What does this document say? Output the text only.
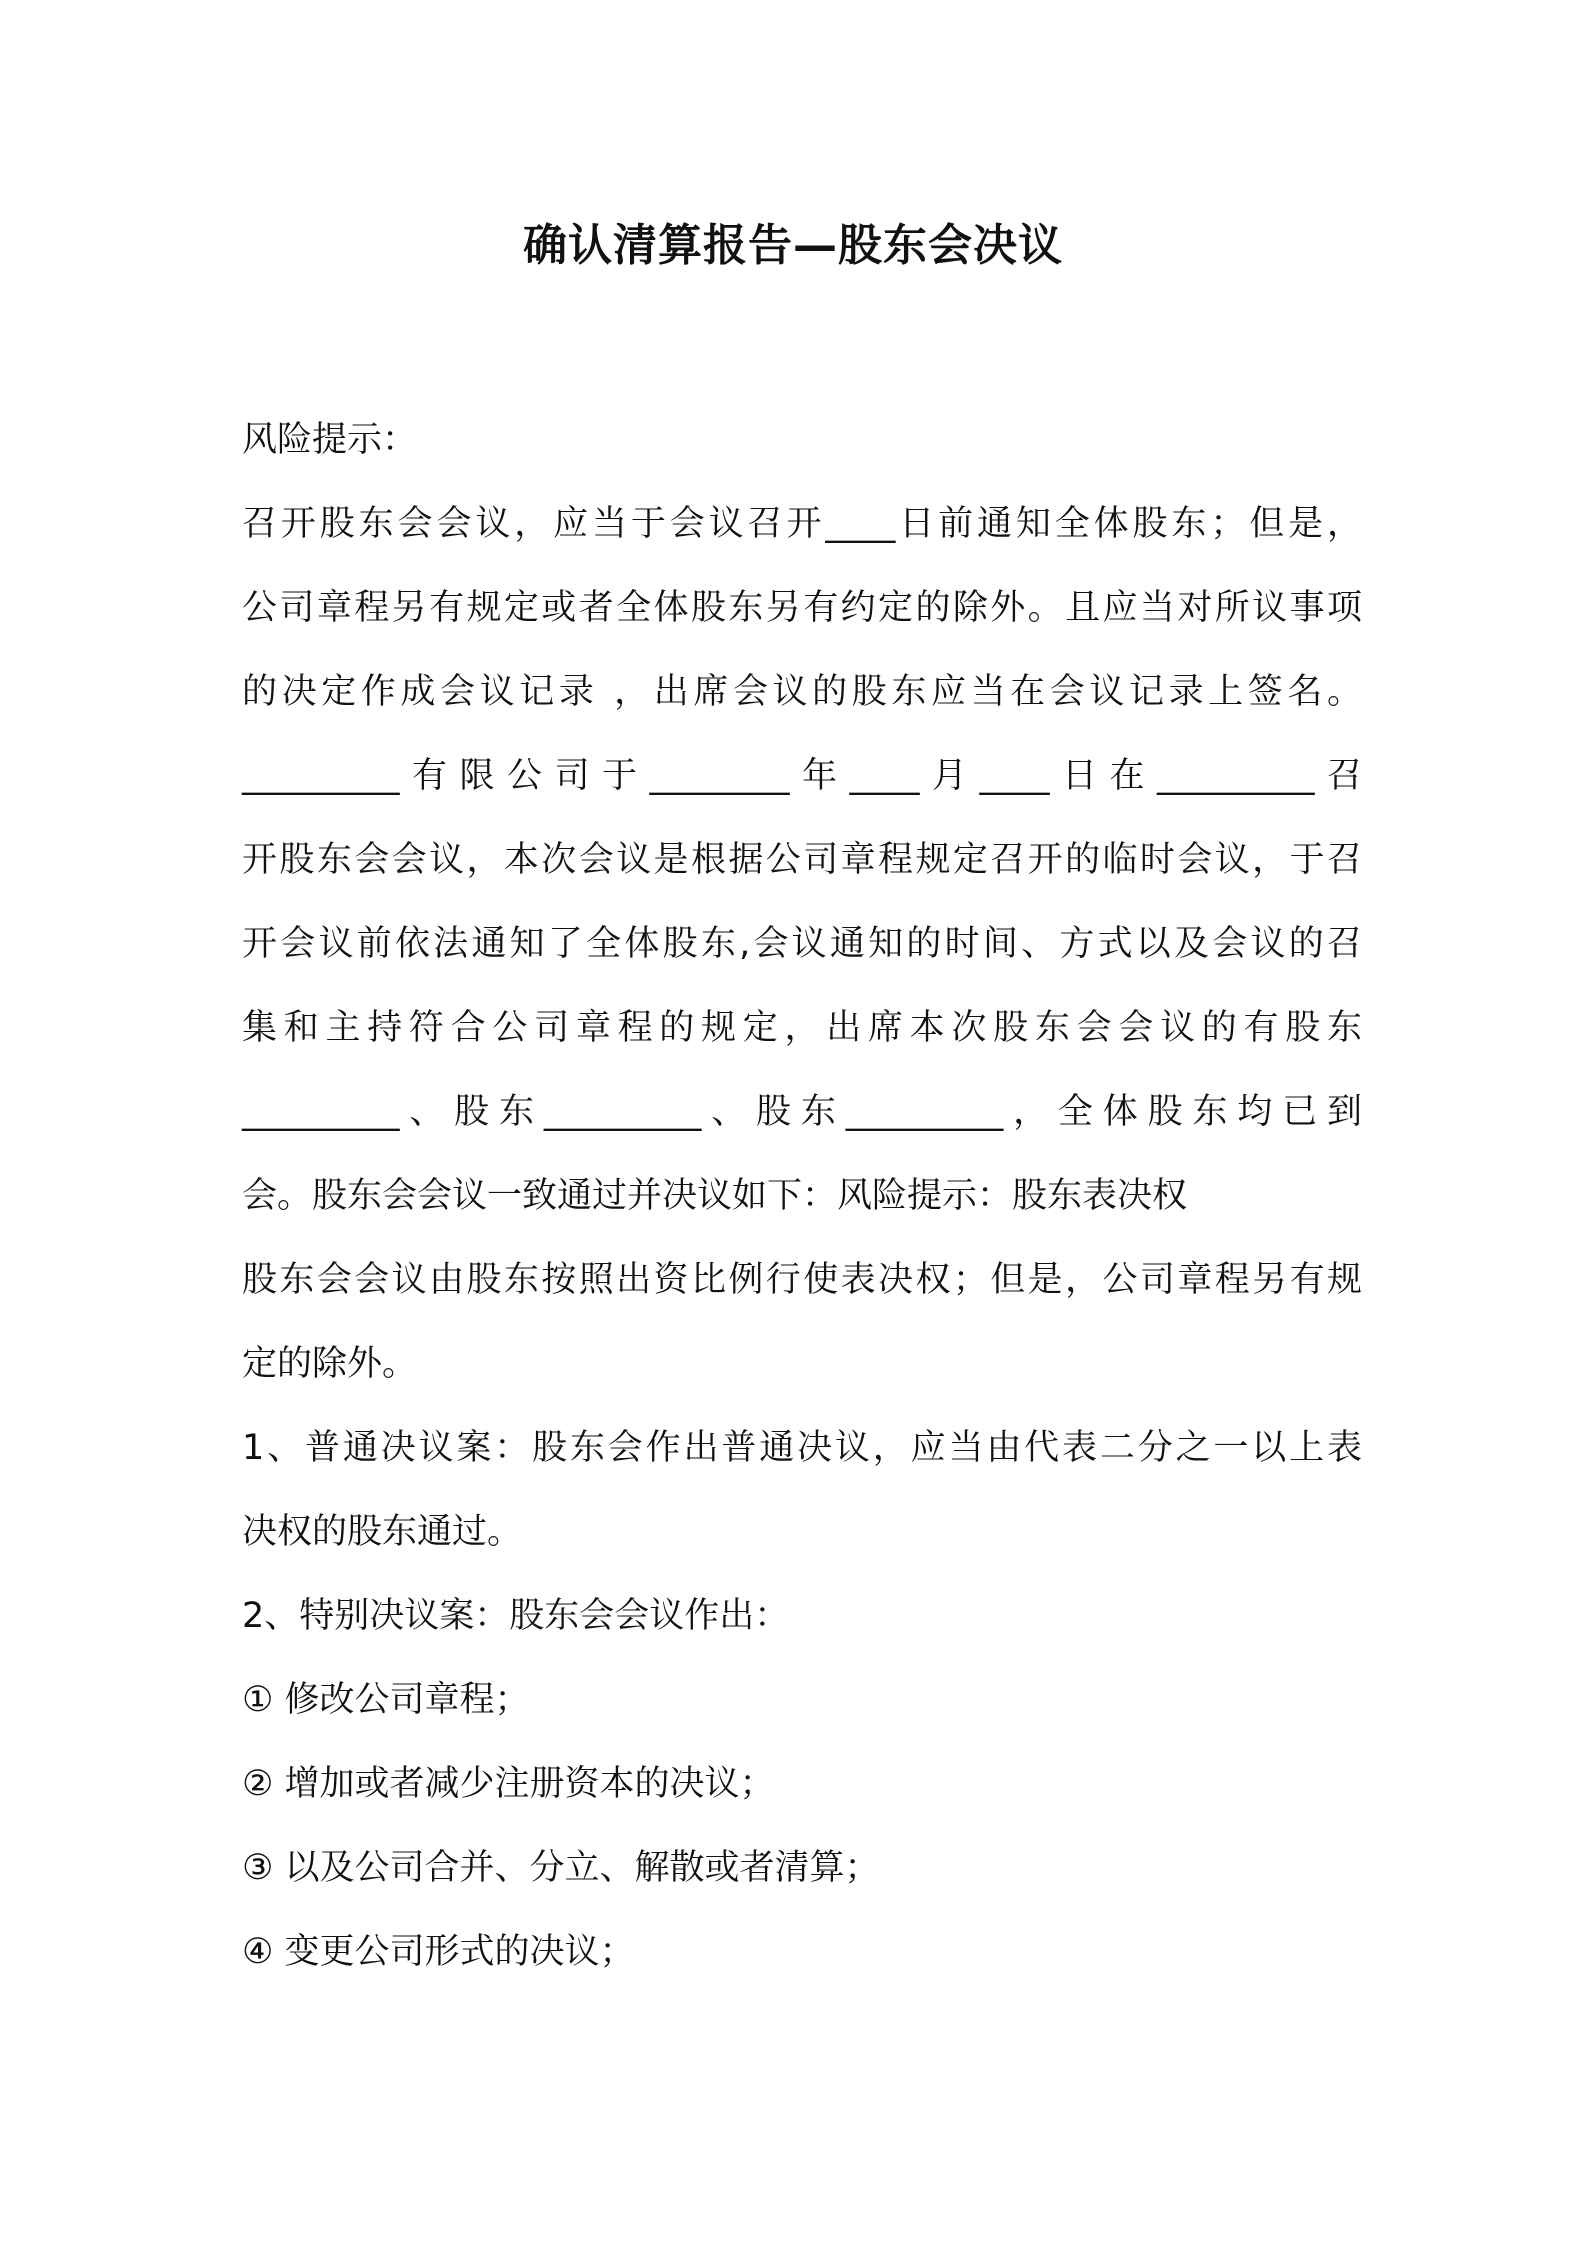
确认清算报告—股东会决议
风险提示：
召开股东会会议，应当于会议召开____日前通知全体股东；但是，
公司章程另有规定或者全体股东另有约定的除外。且应当对所议事项
的决定作成会议记录 ，出席会议的股东应当在会议记录上签名。
_________有限公司于________年____月____日在_________召
开股东会会议，本次会议是根据公司章程规定召开的临时会议，于召
开会议前依法通知了全体股东,会议通知的时间、方式以及会议的召
集和主持符合公司章程的规定，出席本次股东会会议的有股东
_________、股东_________、股东_________，全体股东均已到
会。股东会会议一致通过并决议如下：风险提示：股东表决权
股东会会议由股东按照出资比例行使表决权；但是，公司章程另有规
定的除外。
1、普通决议案：股东会作出普通决议，应当由代表二分之一以上表
决权的股东通过。
2、特别决议案：股东会会议作出：
① 修改公司章程；
② 增加或者减少注册资本的决议；
③ 以及公司合并、分立、解散或者清算；
④ 变更公司形式的决议；
